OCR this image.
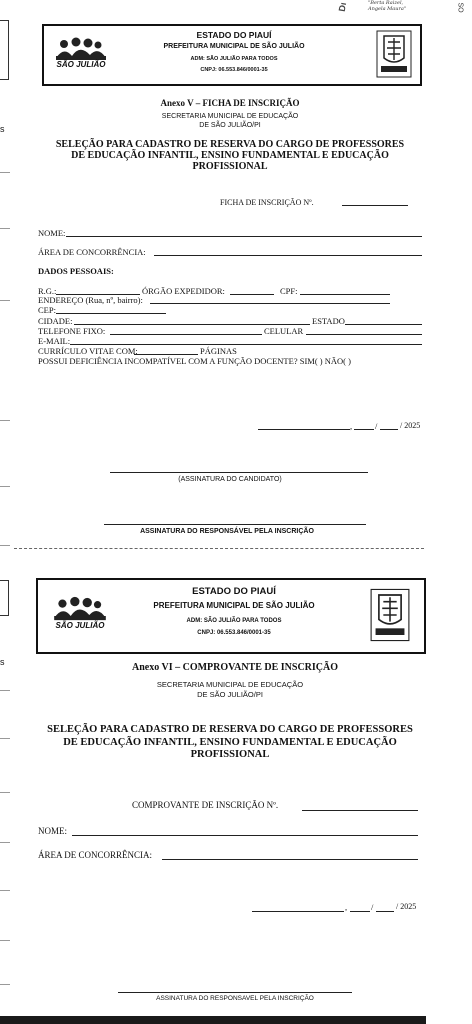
s
s
Dı	"Berta Raizel,
Angela Maura"	SO
SÃO JULIÃO
ESTADO DO PIAUÍ
PREFEITURA MUNICIPAL DE SÃO JULIÃO
ADM: SÃO JULIÃO PARA TODOS
CNPJ: 06.553.846/0001-35
Anexo V – FICHA DE INSCRIÇÃO
SECRETARIA MUNICIPAL DE EDUCAÇÃO
DE SÃO JULIÃO/PI
SELEÇÃO PARA CADASTRO DE RESERVA DO CARGO DE PROFESSORES
DE EDUCAÇÃO INFANTIL, ENSINO FUNDAMENTAL E EDUCAÇÃO
PROFISSIONAL
FICHA DE INSCRIÇÃO Nº.
NOME:
ÁREA DE CONCORRÊNCIA:
DADOS PESSOAIS:
R.G.:	ÓRGÃO EXPEDIDOR:	CPF:
ENDEREÇO (Rua, nº, bairro):
CEP:
CIDADE:	ESTADO
TELEFONE FIXO:	CELULAR
E-MAIL:
CURRÍCULO VITAE COM:	PÁGINAS
POSSUI DEFICIÊNCIA INCOMPATÍVEL COM A FUNÇÃO DOCENTE? SIM( ) NÃO( )
,	/	/ 2025
(ASSINATURA DO CANDIDATO)
ASSINATURA DO RESPONSÁVEL PELA INSCRIÇÃO
SÃO JULIÃO
ESTADO DO PIAUÍ
PREFEITURA MUNICIPAL DE SÃO JULIÃO
ADM: SÃO JULIÃO PARA TODOS
CNPJ: 06.553.846/0001-35
Anexo VI – COMPROVANTE DE INSCRIÇÃO
SECRETARIA MUNICIPAL DE EDUCAÇÃO
DE SÃO JULIÃO/PI
SELEÇÃO PARA CADASTRO DE RESERVA DO CARGO DE PROFESSORES
DE EDUCAÇÃO INFANTIL, ENSINO FUNDAMENTAL E EDUCAÇÃO
PROFISSIONAL
COMPROVANTE DE INSCRIÇÃO Nº.
NOME:
ÁREA DE CONCORRÊNCIA:
,	/	/ 2025
ASSINATURA DO RESPONSAVEL PELA INSCRIÇÃO
